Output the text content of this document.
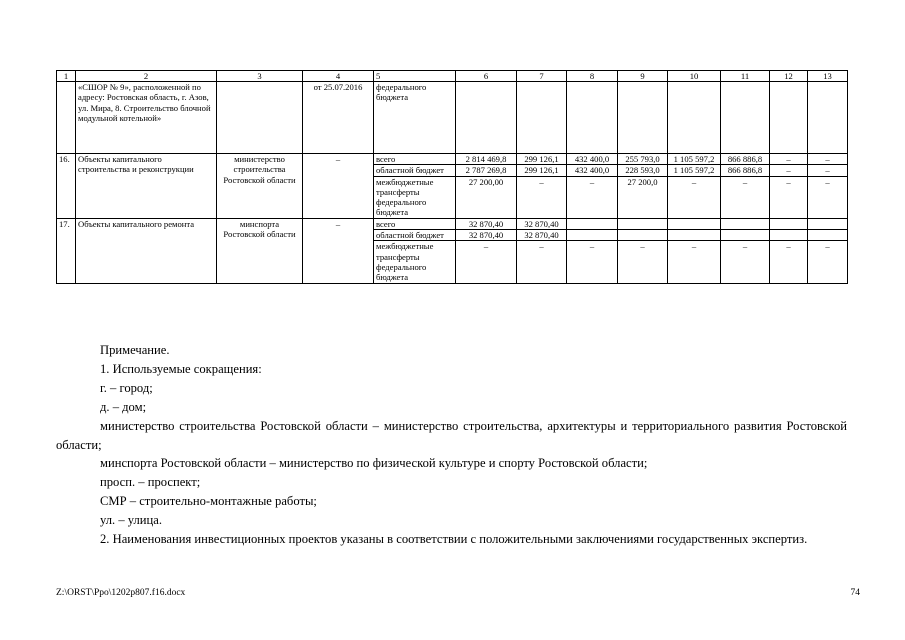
1	2	3	4	5	6	7	8	9	10	11	12	13
	«СШОР № 9», расположенной по адресу: Ростовская область, г. Азов, ул. Мира, 8. Строительство блочной модульной котельной»		от 25.07.2016	федерального бюджета								
16.	Объекты капитального строительства и реконструкции	министерство строительства Ростовской области	–	всего	2 814 469,8	299 126,1	432 400,0	255 793,0	1 105 597,2	866 886,8	–	–
				областной бюджет	2 787 269,8	299 126,1	432 400,0	228 593,0	1 105 597,2	866 886,8	–	–
				межбюджетные трансферты федерального бюджета	27 200,00	–	–	27 200,0	–	–	–	–
17.	Объекты капитального ремонта	минспорта Ростовской области	–	всего	32 870,40	32 870,40						
				областной бюджет	32 870,40	32 870,40						
				межбюджетные трансферты федерального бюджета	–	–	–	–	–	–	–	–

Примечание.

1. Используемые сокращения:

г. – город;

д. – дом;

министерство строительства Ростовской области – министерство строительства, архитектуры и территориального развития Ростовской области;

минспорта Ростовской области – министерство по физической культуре и спорту Ростовской области;

просп. – проспект;

СМР – строительно-монтажные работы;

ул. – улица.

2. Наименования инвестиционных проектов указаны в соответствии с положительными заключениями государственных экспертиз.

Z:\ORST\Ppo\1202p807.f16.docx	74
